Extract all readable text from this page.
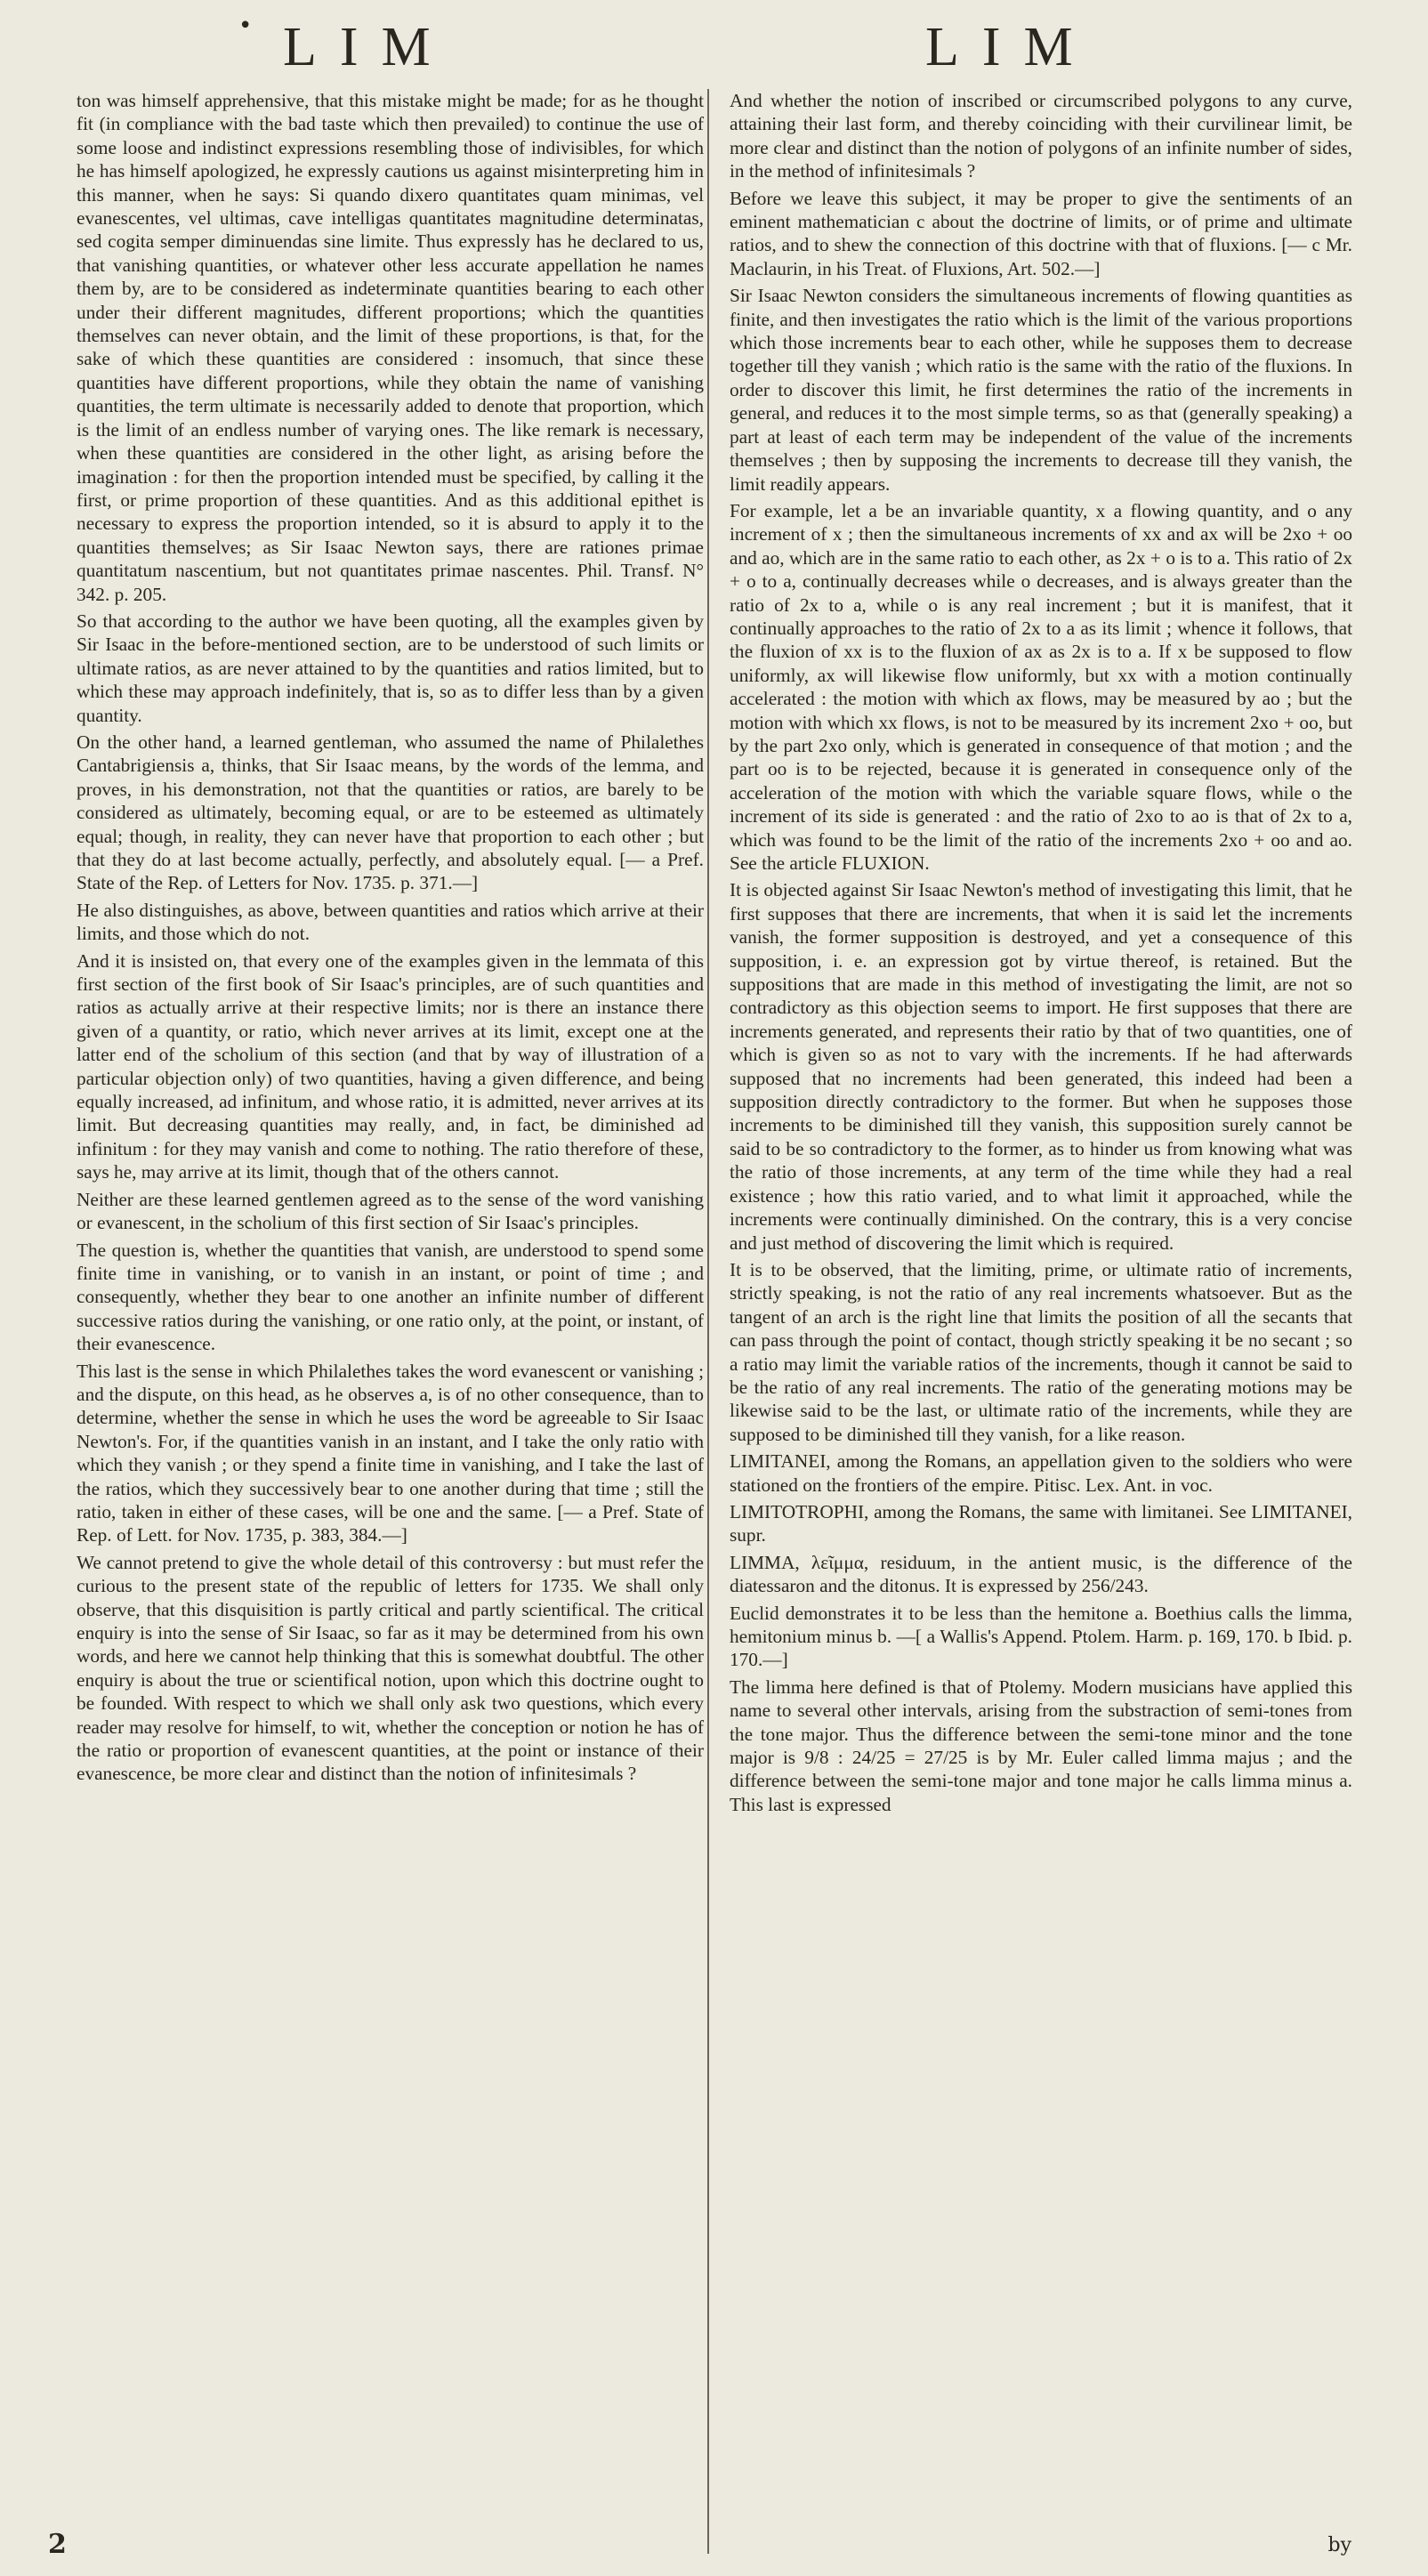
• LIM	LIM

ton was himself apprehensive, that this mistake might be made; for as he thought fit (in compliance with the bad taste which then prevailed) to continue the use of some loose and indistinct expressions resembling those of indivisibles, for which he has himself apologized, he expressly cautions us against misinterpreting him in this manner, when he says: Si quando dixero quantitates quam minimas, vel evanescentes, vel ultimas, cave intelligas quantitates magnitudine determinatas, sed cogita semper diminuendas sine limite. Thus expressly has he declared to us, that vanishing quantities, or whatever other less accurate appellation he names them by, are to be considered as indeterminate quantities bearing to each other under their different magnitudes, different proportions; which the quantities themselves can never obtain, and the limit of these proportions, is that, for the sake of which these quantities are considered : insomuch, that since these quantities have different proportions, while they obtain the name of vanishing quantities, the term ultimate is necessarily added to denote that proportion, which is the limit of an endless number of varying ones. The like remark is necessary, when these quantities are considered in the other light, as arising before the imagination : for then the proportion intended must be specified, by calling it the first, or prime proportion of these quantities. And as this additional epithet is necessary to express the proportion intended, so it is absurd to apply it to the quantities themselves; as Sir Isaac Newton says, there are rationes primae quantitatum nascentium, but not quantitates primae nascentes. Phil. Transf. N° 342. p. 205.

So that according to the author we have been quoting, all the examples given by Sir Isaac in the before-mentioned section, are to be understood of such limits or ultimate ratios, as are never attained to by the quantities and ratios limited, but to which these may approach indefinitely, that is, so as to differ less than by a given quantity.

On the other hand, a learned gentleman, who assumed the name of Philalethes Cantabrigiensis a, thinks, that Sir Isaac means, by the words of the lemma, and proves, in his demonstration, not that the quantities or ratios, are barely to be considered as ultimately, becoming equal, or are to be esteemed as ultimately equal; though, in reality, they can never have that proportion to each other ; but that they do at last become actually, perfectly, and absolutely equal. [— a Pref. State of the Rep. of Letters for Nov. 1735. p. 371.—]

He also distinguishes, as above, between quantities and ratios which arrive at their limits, and those which do not.

And it is insisted on, that every one of the examples given in the lemmata of this first section of the first book of Sir Isaac's principles, are of such quantities and ratios as actually arrive at their respective limits; nor is there an instance there given of a quantity, or ratio, which never arrives at its limit, except one at the latter end of the scholium of this section (and that by way of illustration of a particular objection only) of two quantities, having a given difference, and being equally increased, ad infinitum, and whose ratio, it is admitted, never arrives at its limit. But decreasing quantities may really, and, in fact, be diminished ad infinitum : for they may vanish and come to nothing. The ratio therefore of these, says he, may arrive at its limit, though that of the others cannot.

Neither are these learned gentlemen agreed as to the sense of the word vanishing or evanescent, in the scholium of this first section of Sir Isaac's principles.

The question is, whether the quantities that vanish, are understood to spend some finite time in vanishing, or to vanish in an instant, or point of time ; and consequently, whether they bear to one another an infinite number of different successive ratios during the vanishing, or one ratio only, at the point, or instant, of their evanescence.

This last is the sense in which Philalethes takes the word evanescent or vanishing ; and the dispute, on this head, as he observes a, is of no other consequence, than to determine, whether the sense in which he uses the word be agreeable to Sir Isaac Newton's. For, if the quantities vanish in an instant, and I take the only ratio with which they vanish ; or they spend a finite time in vanishing, and I take the last of the ratios, which they successively bear to one another during that time ; still the ratio, taken in either of these cases, will be one and the same. [— a Pref. State of Rep. of Lett. for Nov. 1735, p. 383, 384.—]

We cannot pretend to give the whole detail of this controversy : but must refer the curious to the present state of the republic of letters for 1735. We shall only observe, that this disquisition is partly critical and partly scientifical. The critical enquiry is into the sense of Sir Isaac, so far as it may be determined from his own words, and here we cannot help thinking that this is somewhat doubtful. The other enquiry is about the true or scientifical notion, upon which this doctrine ought to be founded. With respect to which we shall only ask two questions, which every reader may resolve for himself, to wit, whether the conception or notion he has of the ratio or proportion of evanescent quantities, at the point or instance of their evanescence, be more clear and distinct than the notion of infinitesimals ?

And whether the notion of inscribed or circumscribed polygons to any curve, attaining their last form, and thereby coinciding with their curvilinear limit, be more clear and distinct than the notion of polygons of an infinite number of sides, in the method of infinitesimals ?

Before we leave this subject, it may be proper to give the sentiments of an eminent mathematician c about the doctrine of limits, or of prime and ultimate ratios, and to shew the connection of this doctrine with that of fluxions. [— c Mr. Maclaurin, in his Treat. of Fluxions, Art. 502.—]

Sir Isaac Newton considers the simultaneous increments of flowing quantities as finite, and then investigates the ratio which is the limit of the various proportions which those increments bear to each other, while he supposes them to decrease together till they vanish ; which ratio is the same with the ratio of the fluxions. In order to discover this limit, he first determines the ratio of the increments in general, and reduces it to the most simple terms, so as that (generally speaking) a part at least of each term may be independent of the value of the increments themselves ; then by supposing the increments to decrease till they vanish, the limit readily appears.

For example, let a be an invariable quantity, x a flowing quantity, and o any increment of x ; then the simultaneous increments of xx and ax will be 2xo + oo and ao, which are in the same ratio to each other, as 2x + o is to a. This ratio of 2x + o to a, continually decreases while o decreases, and is always greater than the ratio of 2x to a, while o is any real increment ; but it is manifest, that it continually approaches to the ratio of 2x to a as its limit ; whence it follows, that the fluxion of xx is to the fluxion of ax as 2x is to a. If x be supposed to flow uniformly, ax will likewise flow uniformly, but xx with a motion continually accelerated : the motion with which ax flows, may be measured by ao ; but the motion with which xx flows, is not to be measured by its increment 2xo + oo, but by the part 2xo only, which is generated in consequence of that motion ; and the part oo is to be rejected, because it is generated in consequence only of the acceleration of the motion with which the variable square flows, while o the increment of its side is generated : and the ratio of 2xo to ao is that of 2x to a, which was found to be the limit of the ratio of the increments 2xo + oo and ao. See the article FLUXION.

It is objected against Sir Isaac Newton's method of investigating this limit, that he first supposes that there are increments, that when it is said let the increments vanish, the former supposition is destroyed, and yet a consequence of this supposition, i. e. an expression got by virtue thereof, is retained. But the suppositions that are made in this method of investigating the limit, are not so contradictory as this objection seems to import. He first supposes that there are increments generated, and represents their ratio by that of two quantities, one of which is given so as not to vary with the increments. If he had afterwards supposed that no increments had been generated, this indeed had been a supposition directly contradictory to the former. But when he supposes those increments to be diminished till they vanish, this supposition surely cannot be said to be so contradictory to the former, as to hinder us from knowing what was the ratio of those increments, at any term of the time while they had a real existence ; how this ratio varied, and to what limit it approached, while the increments were continually diminished. On the contrary, this is a very concise and just method of discovering the limit which is required.

It is to be observed, that the limiting, prime, or ultimate ratio of increments, strictly speaking, is not the ratio of any real increments whatsoever. But as the tangent of an arch is the right line that limits the position of all the secants that can pass through the point of contact, though strictly speaking it be no secant ; so a ratio may limit the variable ratios of the increments, though it cannot be said to be the ratio of any real increments. The ratio of the generating motions may be likewise said to be the last, or ultimate ratio of the increments, while they are supposed to be diminished till they vanish, for a like reason.

LIMITANEI, among the Romans, an appellation given to the soldiers who were stationed on the frontiers of the empire. Pitisc. Lex. Ant. in voc.

LIMITOTROPHI, among the Romans, the same with limitanei. See LIMITANEI, supr.

LIMMA, λεῖμμα, residuum, in the antient music, is the difference of the diatessaron and the ditonus. It is expressed by 256/243.

Euclid demonstrates it to be less than the hemitone a. Boethius calls the limma, hemitonium minus b. —[ a Wallis's Append. Ptolem. Harm. p. 169, 170. b Ibid. p. 170.—]

The limma here defined is that of Ptolemy. Modern musicians have applied this name to several other intervals, arising from the substraction of semi-tones from the tone major. Thus the difference between the semi-tone minor and the tone major is 9/8 : 24/25 = 27/25 is by Mr. Euler called limma majus ; and the difference between the semi-tone major and tone major he calls limma minus a. This last is expressed

2	by
